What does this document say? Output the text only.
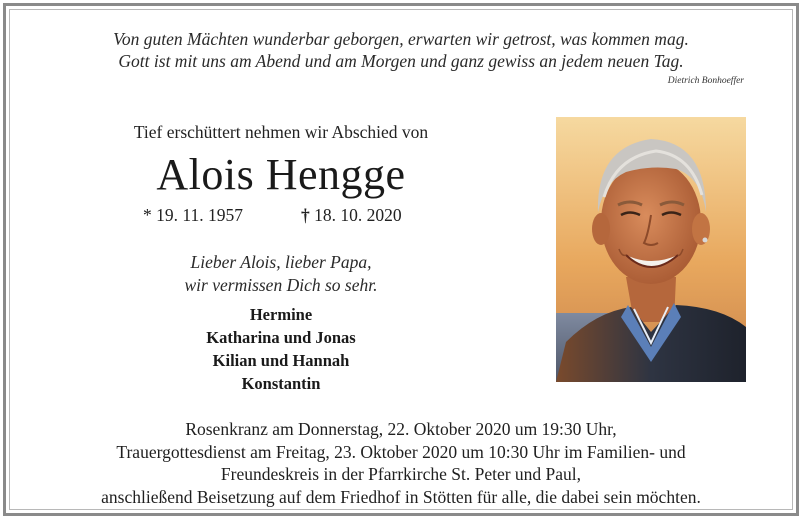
Von guten Mächten wunderbar geborgen, erwarten wir getrost, was kommen mag.
Gott ist mit uns am Abend und am Morgen und ganz gewiss an jedem neuen Tag.
Dietrich Bonhoeffer
Tief erschüttert nehmen wir Abschied von
Alois Hengge
* 19. 11. 1957	† 18. 10. 2020
Lieber Alois, lieber Papa,
wir vermissen Dich so sehr.
Hermine
Katharina und Jonas
Kilian und Hannah
Konstantin
Rosenkranz am Donnerstag, 22. Oktober 2020 um 19:30 Uhr,
Trauergottesdienst am Freitag, 23. Oktober 2020 um 10:30 Uhr im Familien- und
Freundeskreis in der Pfarrkirche St. Peter und Paul,
anschließend Beisetzung auf dem Friedhof in Stötten für alle, die dabei sein möchten.
